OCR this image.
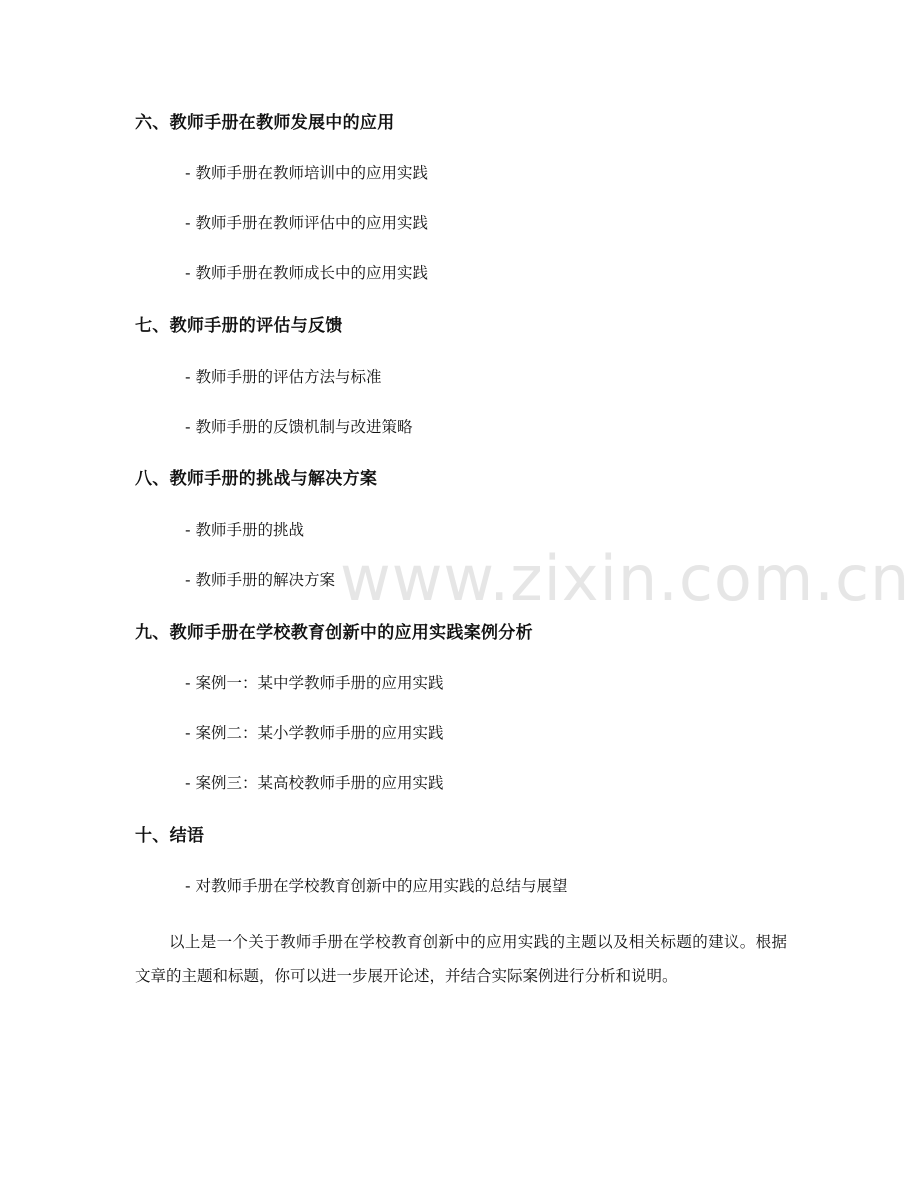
六、教师手册在教师发展中的应用
- 教师手册在教师培训中的应用实践
- 教师手册在教师评估中的应用实践
- 教师手册在教师成长中的应用实践
七、教师手册的评估与反馈
- 教师手册的评估方法与标准
- 教师手册的反馈机制与改进策略
八、教师手册的挑战与解决方案
- 教师手册的挑战
- 教师手册的解决方案
九、教师手册在学校教育创新中的应用实践案例分析
- 案例一：某中学教师手册的应用实践
- 案例二：某小学教师手册的应用实践
- 案例三：某高校教师手册的应用实践
十、结语
- 对教师手册在学校教育创新中的应用实践的总结与展望

以上是一个关于教师手册在学校教育创新中的应用实践的主题以及相关标题的建议。根据文章的主题和标题，你可以进一步展开论述，并结合实际案例进行分析和说明。

www.zixin.com.cn
